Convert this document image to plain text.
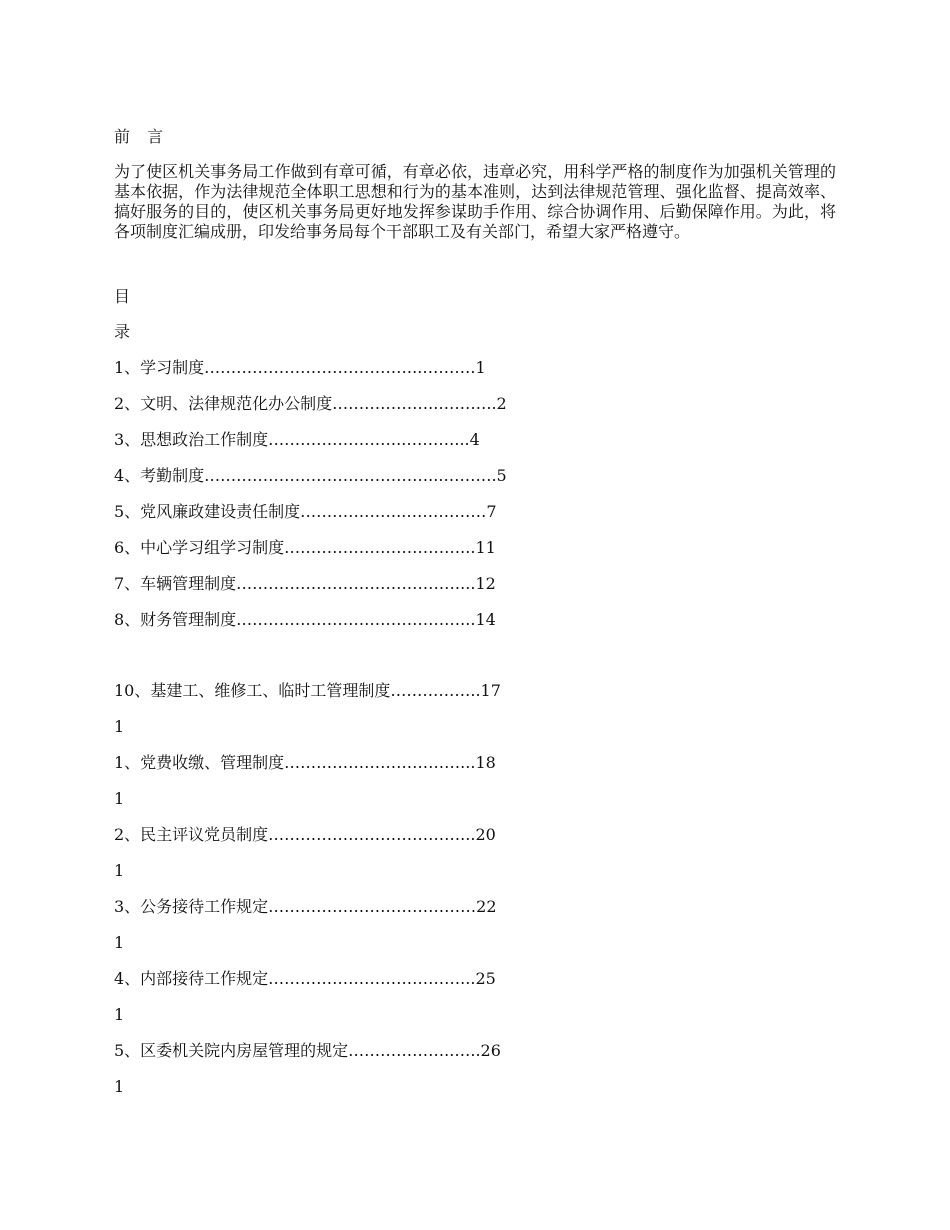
前 言
为了使区机关事务局工作做到有章可循，有章必依，违章必究，用科学严格的制度作为加强机关管理的基本依据，作为法律规范全体职工思想和行为的基本准则，达到法律规范管理、强化监督、提高效率、搞好服务的目的，使区机关事务局更好地发挥参谋助手作用、综合协调作用、后勤保障作用。为此，将各项制度汇编成册，印发给事务局每个干部职工及有关部门，希望大家严格遵守。
目
录
1、学习制度…………………………………..……….1
2、文明、法律规范化办公制度………………..………..2
3、思想政治工作制度……………………..………...4
4、考勤制度……………………………………...……….5
5、党风廉政建设责任制度………………..……………7
6、中心学习组学习制度……………………………...11
7、车辆管理制度……………………………………...12
8、财务管理制度……………………………………...14
10、基建工、维修工、临时工管理制度……………..17
1
1、党费收缴、管理制度……………………………...18
1
2、民主评议党员制度………………………………...20
1
3、公务接待工作规定…………………………………22
1
4、内部接待工作规定………………………………...25
1
5、区委机关院内房屋管理的规定………………..…..26
1
